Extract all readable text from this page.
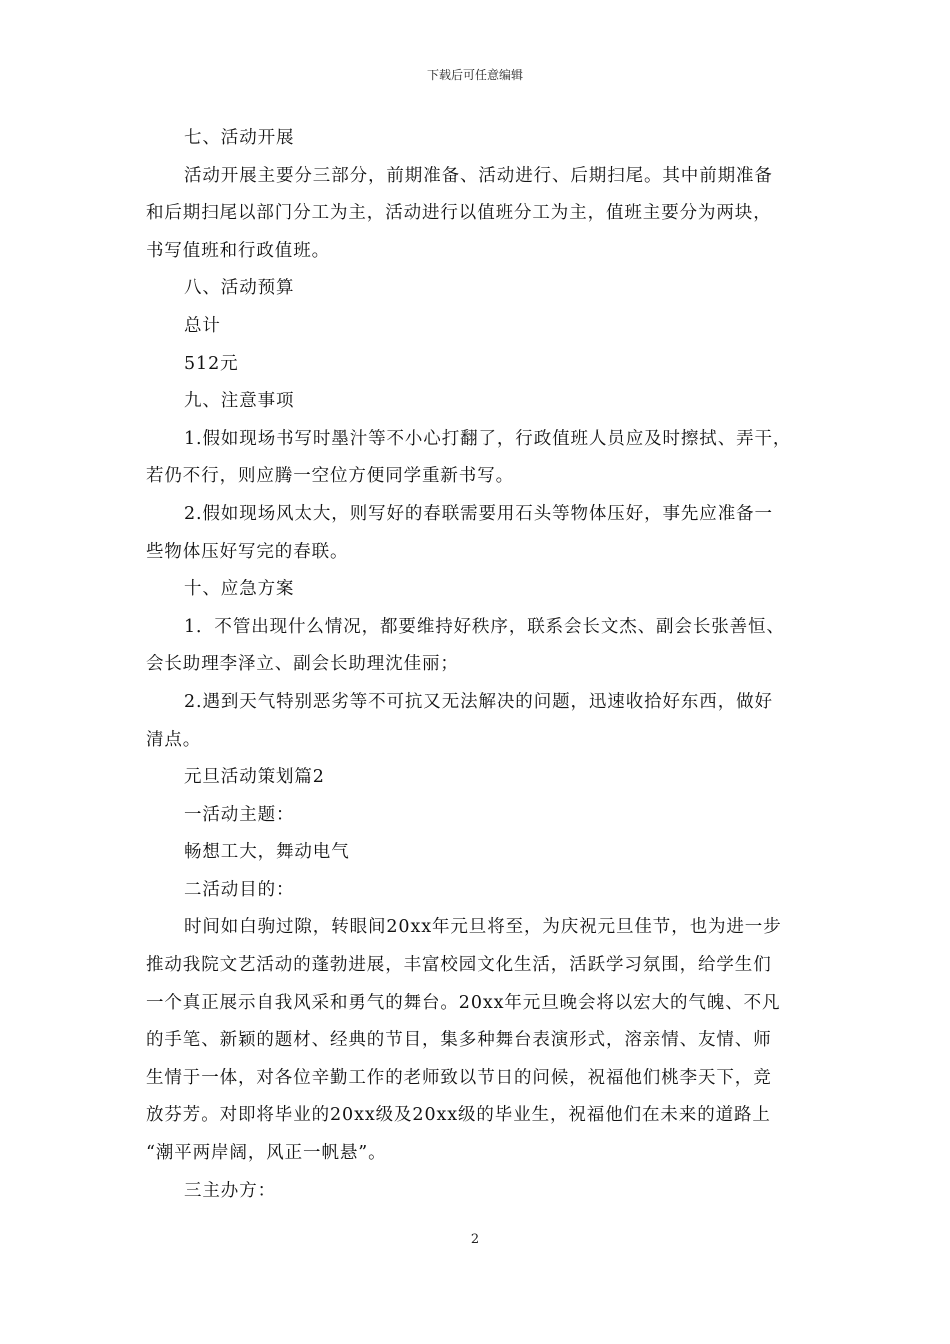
下载后可任意编辑
七、活动开展
活动开展主要分三部分，前期准备、活动进行、后期扫尾。其中前期准备
和后期扫尾以部门分工为主，活动进行以值班分工为主，值班主要分为两块，
书写值班和行政值班。
八、活动预算
总计
512元
九、注意事项
1.假如现场书写时墨汁等不小心打翻了，行政值班人员应及时擦拭、弄干，
若仍不行，则应腾一空位方便同学重新书写。
2.假如现场风太大，则写好的春联需要用石头等物体压好，事先应准备一
些物体压好写完的春联。
十、应急方案
1．不管出现什么情况，都要维持好秩序，联系会长文杰、副会长张善恒、
会长助理李泽立、副会长助理沈佳丽；
2.遇到天气特别恶劣等不可抗又无法解决的问题，迅速收拾好东西，做好
清点。
元旦活动策划篇2
一活动主题：
畅想工大，舞动电气
二活动目的：
时间如白驹过隙，转眼间20xx年元旦将至，为庆祝元旦佳节，也为进一步
推动我院文艺活动的蓬勃进展，丰富校园文化生活，活跃学习氛围，给学生们
一个真正展示自我风采和勇气的舞台。20xx年元旦晚会将以宏大的气魄、不凡
的手笔、新颖的题材、经典的节目，集多种舞台表演形式，溶亲情、友情、师
生情于一体，对各位辛勤工作的老师致以节日的问候，祝福他们桃李天下，竞
放芬芳。对即将毕业的20xx级及20xx级的毕业生，祝福他们在未来的道路上
“潮平两岸阔，风正一帆悬”。
三主办方：
2
